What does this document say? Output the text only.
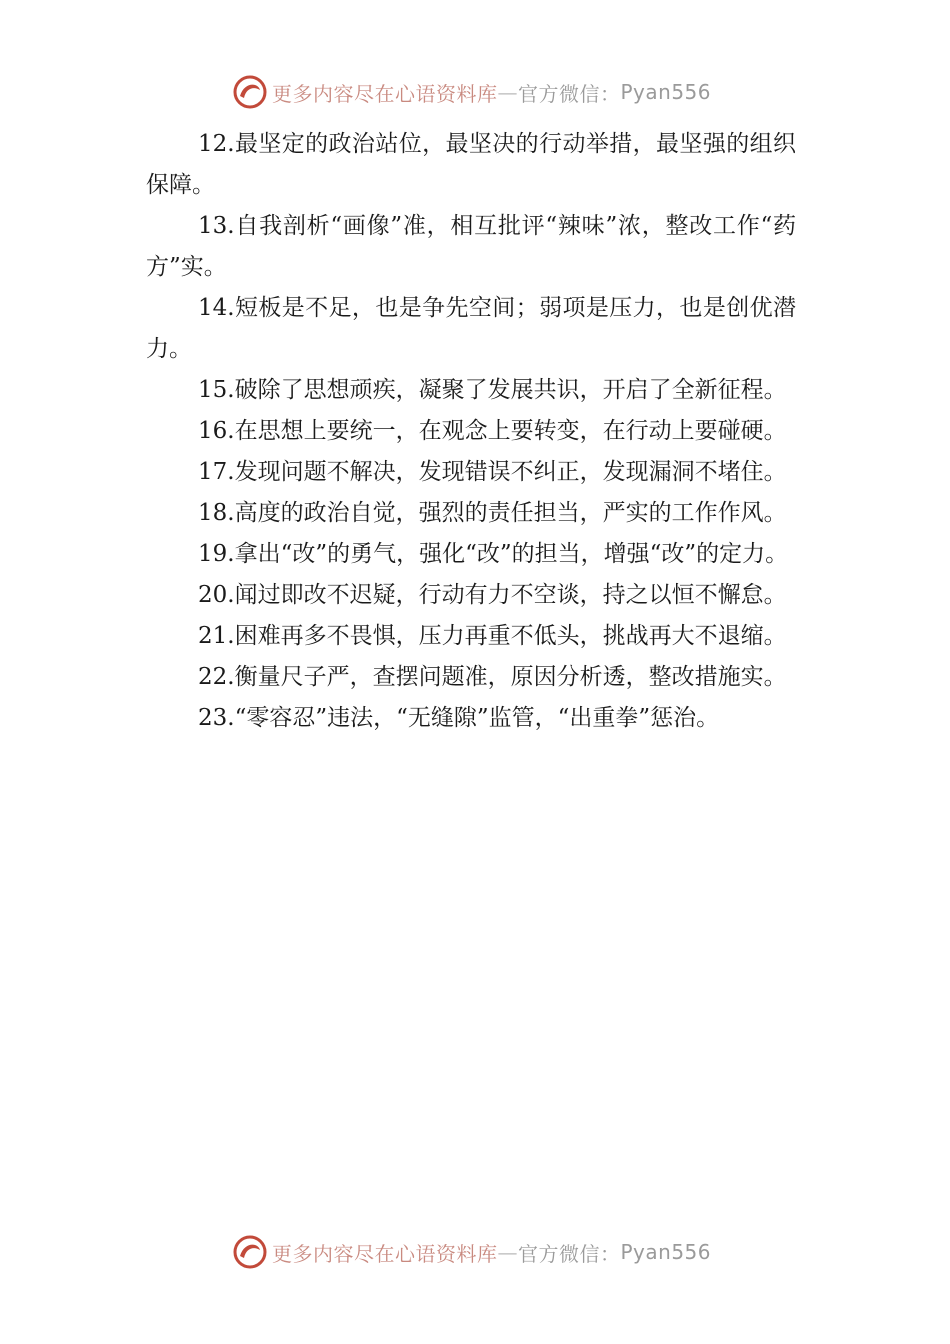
更多内容尽在心语资料库 — 官方微信： Pyan556

12.最坚定的政治站位，最坚决的行动举措，最坚强的组织保障。

13.自我剖析“画像”准，相互批评“辣味”浓，整改工作“药方”实。

14.短板是不足，也是争先空间；弱项是压力，也是创优潜力。

15.破除了思想顽疾，凝聚了发展共识，开启了全新征程。

16.在思想上要统一，在观念上要转变，在行动上要碰硬。

17.发现问题不解决，发现错误不纠正，发现漏洞不堵住。

18.高度的政治自觉，强烈的责任担当，严实的工作作风。

19.拿出“改”的勇气，强化“改”的担当，增强“改”的定力。

20.闻过即改不迟疑，行动有力不空谈，持之以恒不懈怠。

21.困难再多不畏惧，压力再重不低头，挑战再大不退缩。

22.衡量尺子严，查摆问题准，原因分析透，整改措施实。

23.“零容忍”违法，“无缝隙”监管，“出重拳”惩治。

更多内容尽在心语资料库 — 官方微信： Pyan556
